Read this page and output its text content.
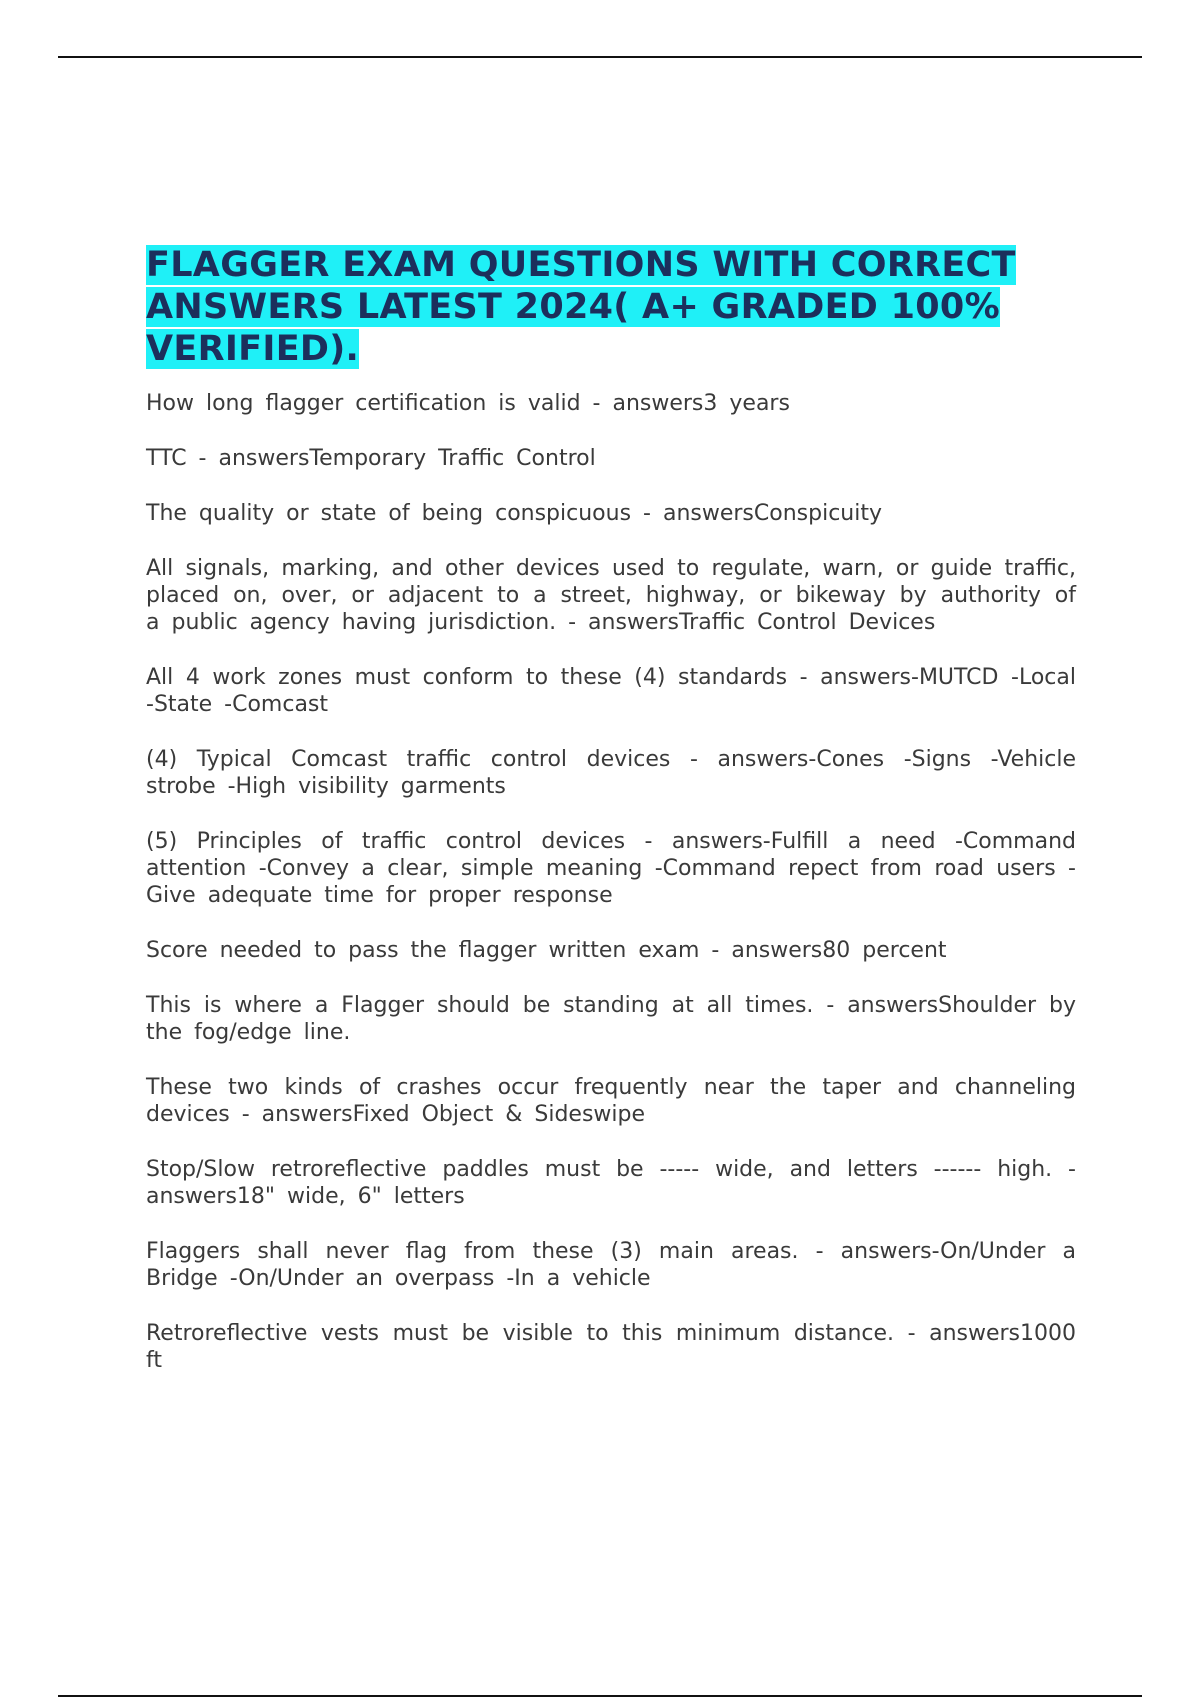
FLAGGER EXAM QUESTIONS WITH CORRECT ANSWERS LATEST 2024( A+ GRADED 100% VERIFIED).

How long flagger certification is valid - answers3 years

TTC - answersTemporary Traffic Control

The quality or state of being conspicuous - answersConspicuity

All signals, marking, and other devices used to regulate, warn, or guide traffic, placed on, over, or adjacent to a street, highway, or bikeway by authority of a public agency having jurisdiction. - answersTraffic Control Devices

All 4 work zones must conform to these (4) standards - answers-MUTCD -Local -State -Comcast

(4) Typical Comcast traffic control devices - answers-Cones -Signs -Vehicle strobe -High visibility garments

(5) Principles of traffic control devices - answers-Fulfill a need -Command attention -Convey a clear, simple meaning -Command repect from road users -Give adequate time for proper response

Score needed to pass the flagger written exam - answers80 percent

This is where a Flagger should be standing at all times. - answersShoulder by the fog/edge line.

These two kinds of crashes occur frequently near the taper and channeling devices - answersFixed Object & Sideswipe

Stop/Slow retroreflective paddles must be ----- wide, and letters ------ high. - answers18" wide, 6" letters

Flaggers shall never flag from these (3) main areas. - answers-On/Under a Bridge -On/Under an overpass -In a vehicle

Retroreflective vests must be visible to this minimum distance. - answers1000 ft
